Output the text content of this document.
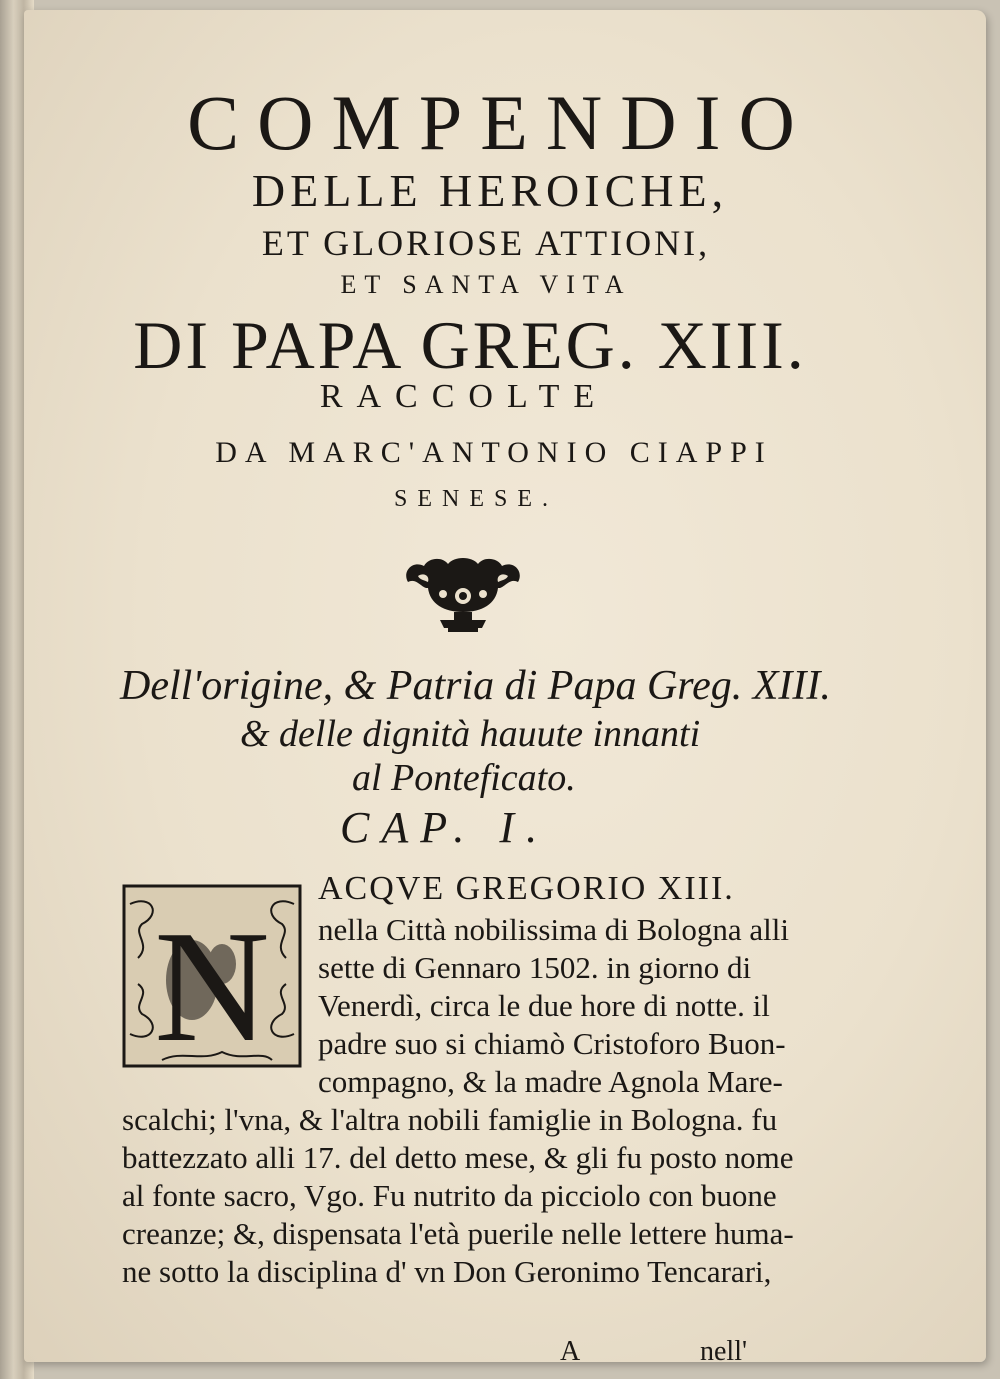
COMPENDIO
DELLE HEROICHE,
ET GLORIOSE ATTIONI,
ET SANTA VITA
DI PAPA GREG. XIII.
RACCOLTE
DA MARC'ANTONIO CIAPPI
SENESE.
Dell'origine, & Patria di Papa Greg. XIII.
& delle dignità hauute innanti
al Ponteficato.
CAP. I.
N
ACQVE GREGORIO XIII.
nella Città nobilissima di Bologna alli
sette di Gennaro 1502. in giorno di
Venerdì, circa le due hore di notte. il
padre suo si chiamò Cristoforo Buon-
compagno, & la madre Agnola Mare-
scalchi; l'vna, & l'altra nobili famiglie in Bologna. fu
battezzato alli 17. del detto mese, & gli fu posto nome
al fonte sacro, Vgo. Fu nutrito da picciolo con buone
creanze; &, dispensata l'età puerile nelle lettere huma-
ne sotto la disciplina d' vn Don Geronimo Tencarari,
A	nell'
